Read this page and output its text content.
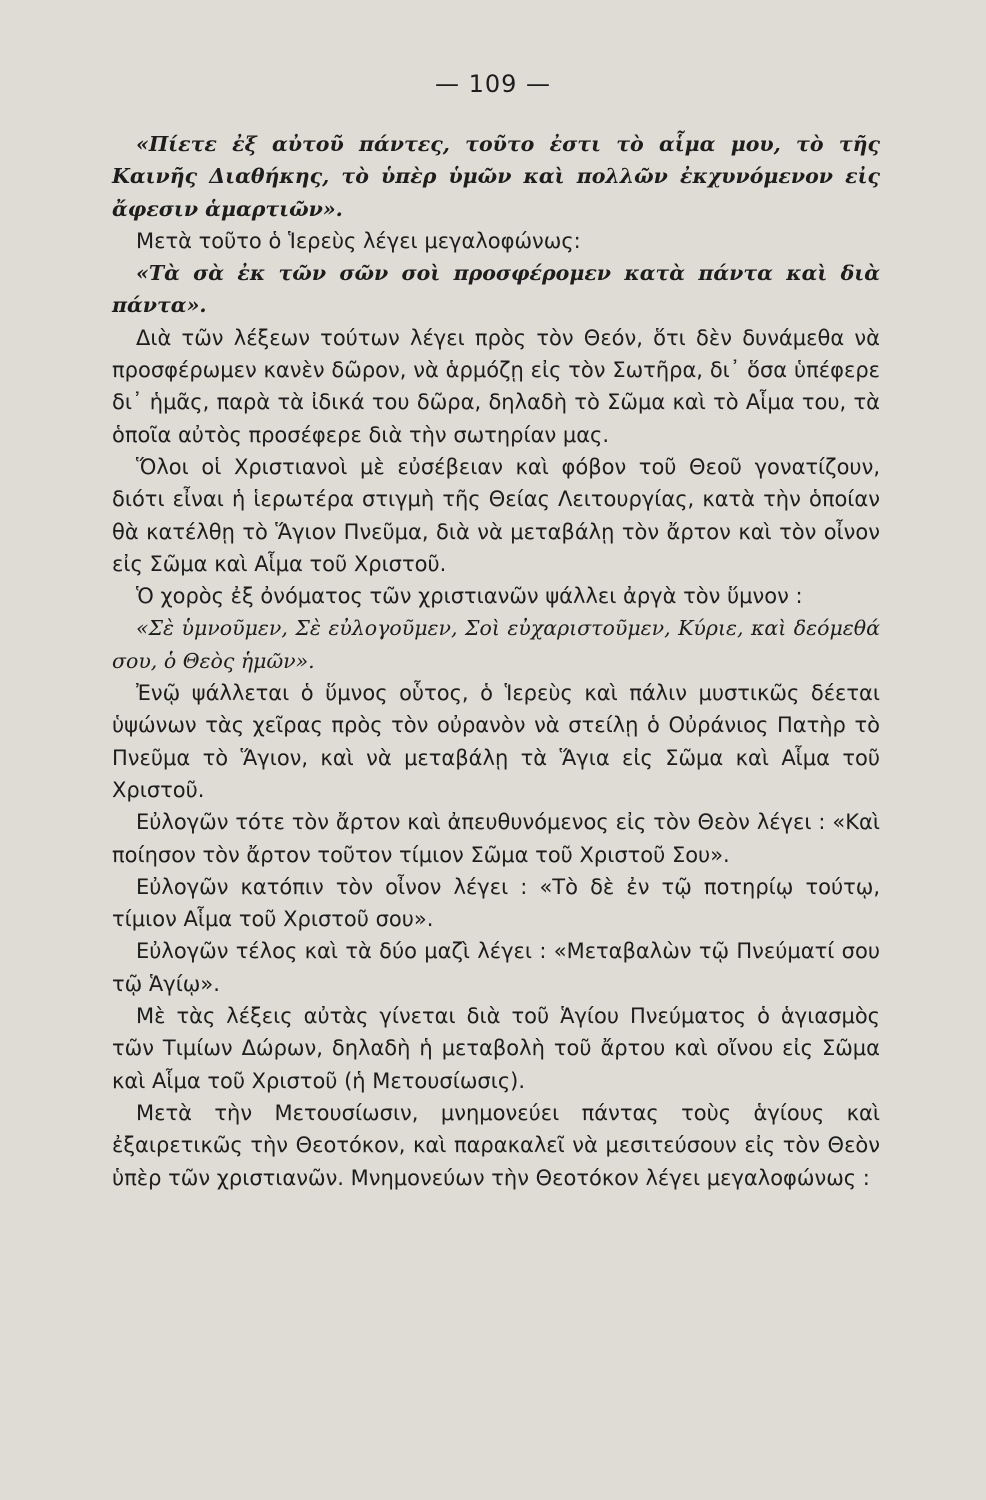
— 109 —

«Πίετε ἐξ αὐτοῦ πάντες, τοῦτο ἐστι τὸ αἷμα μου, τὸ τῆς Καινῆς Διαθήκης, τὸ ὑπὲρ ὑμῶν καὶ πολλῶν ἐκχυνόμενον εἰς ἄφεσιν ἁμαρτιῶν».

Μετὰ τοῦτο ὁ Ἱερεὺς λέγει μεγαλοφώνως:

«Τὰ σὰ ἐκ τῶν σῶν σοὶ προσφέρομεν κατὰ πάντα καὶ διὰ πάντα».

Διὰ τῶν λέξεων τούτων λέγει πρὸς τὸν Θεόν, ὅτι δὲν δυνάμεθα νὰ προσφέρωμεν κανὲν δῶρον, νὰ ἁρμόζῃ εἰς τὸν Σωτῆρα, δι᾿ ὅσα ὑπέφερε δι᾿ ἡμᾶς, παρὰ τὰ ἰδικά του δῶρα, δηλαδὴ τὸ Σῶμα καὶ τὸ Αἷμα του, τὰ ὁποῖα αὐτὸς προσέφερε διὰ τὴν σωτηρίαν μας.

Ὅλοι οἱ Χριστιανοὶ μὲ εὐσέβειαν καὶ φόβον τοῦ Θεοῦ γονατίζουν, διότι εἶναι ἡ ἱερωτέρα στιγμὴ τῆς Θείας Λειτουργίας, κατὰ τὴν ὁποίαν θὰ κατέλθῃ τὸ Ἅγιον Πνεῦμα, διὰ νὰ μεταβάλῃ τὸν ἄρτον καὶ τὸν οἶνον εἰς Σῶμα καὶ Αἷμα τοῦ Χριστοῦ.

Ὁ χορὸς ἐξ ὀνόματος τῶν χριστιανῶν ψάλλει ἀργὰ τὸν ὕμνον :

«Σὲ ὑμνοῦμεν, Σὲ εὐλογοῦμεν, Σοὶ εὐχαριστοῦμεν, Κύριε, καὶ δεόμεθά σου, ὁ Θεὸς ἡμῶν».

Ἐνῷ ψάλλεται ὁ ὕμνος οὗτος, ὁ Ἱερεὺς καὶ πάλιν μυστικῶς δέεται ὑψώνων τὰς χεῖρας πρὸς τὸν οὐρανὸν νὰ στείλῃ ὁ Οὐράνιος Πατὴρ τὸ Πνεῦμα τὸ Ἅγιον, καὶ νὰ μεταβάλῃ τὰ Ἅγια εἰς Σῶμα καὶ Αἷμα τοῦ Χριστοῦ.

Εὐλογῶν τότε τὸν ἄρτον καὶ ἀπευθυνόμενος εἰς τὸν Θεὸν λέγει : «Καὶ ποίησον τὸν ἄρτον τοῦτον τίμιον Σῶμα τοῦ Χριστοῦ Σου».

Εὐλογῶν κατόπιν τὸν οἶνον λέγει : «Τὸ δὲ ἐν τῷ ποτηρίῳ τούτῳ, τίμιον Αἷμα τοῦ Χριστοῦ σου».

Εὐλογῶν τέλος καὶ τὰ δύο μαζὶ λέγει : «Μεταβαλὼν τῷ Πνεύματί σου τῷ Ἁγίῳ».

Μὲ τὰς λέξεις αὐτὰς γίνεται διὰ τοῦ Ἁγίου Πνεύματος ὁ ἁγιασμὸς τῶν Τιμίων Δώρων, δηλαδὴ ἡ μεταβολὴ τοῦ ἄρτου καὶ οἴνου εἰς Σῶμα καὶ Αἷμα τοῦ Χριστοῦ (ἡ Μετουσίωσις).

Μετὰ τὴν Μετουσίωσιν, μνημονεύει πάντας τοὺς ἁγίους καὶ ἐξαιρετικῶς τὴν Θεοτόκον, καὶ παρακαλεῖ νὰ μεσιτεύσουν εἰς τὸν Θεὸν ὑπὲρ τῶν χριστιανῶν. Μνημονεύων τὴν Θεοτόκον λέγει μεγαλοφώνως :
